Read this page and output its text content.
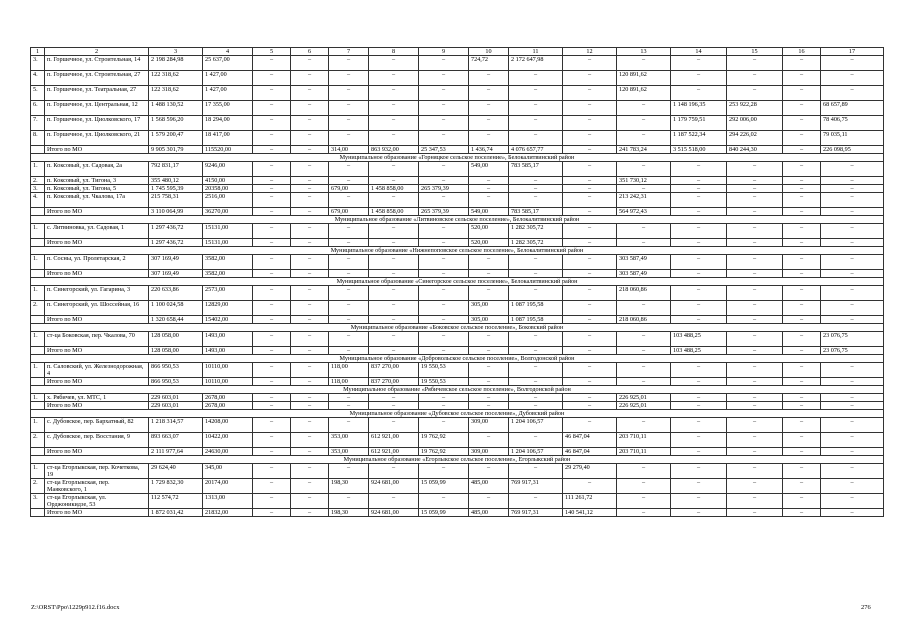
1	2	3	4	5	6	7	8	9	10	11	12	13	14	15	16	17
3.	п. Горшечное, ул. Строительная, 14	2 198 284,98	25 637,00	–	–	–	–	–	724,72	2 172 647,98	–	–	–	–	–	–
4.	п. Горшечное, ул. Строительная, 27	122 318,62	1 427,00	–	–	–	–	–	–	–	–	120 891,62	–	–	–	–
5.	п. Горшечное, ул. Театральная, 27	122 318,62	1 427,00	–	–	–	–	–	–	–	–	120 891,62	–	–	–	–
6.	п. Горшечное, ул. Центральная, 12	1 488 130,52	17 355,00	–	–	–	–	–	–	–	–	–	1 148 196,35	253 922,28	–	68 657,89
7.	п. Горшечное, ул. Циолковского, 17	1 568 596,20	18 294,00	–	–	–	–	–	–	–	–	–	1 179 759,51	292 006,00	–	78 406,75
8.	п. Горшечное, ул. Циолковского, 21	1 579 200,47	18 417,00	–	–	–	–	–	–	–	–	–	1 187 522,34	294 226,02	–	79 035,11
	Итого по МО	9 905 301,79	115520,00	–	–	314,00	863 932,00	25 347,53	1 436,74	4 076 657,77	–	241 783,24	3 515 518,00	840 244,30	–	226 098,95
Муниципальное образование «Горняцкое сельское поселение», Белокалитвинский район																
1.	п. Коксовый, ул. Садовая, 2а	792 831,17	9246,00	–	–	–	–	–	549,00	783 585,17	–	–	–	–	–	–
2.	п. Коксовый, ул. Тигона, 3	355 480,12	4150,00	–	–	–	–	–	–	–	–	351 730,12	–	–	–	–
3.	п. Коксовый, ул. Тигона, 5	1 745 595,39	20358,00	–	–	679,00	1 458 858,00	265 379,39	–	–	–	–	–	–	–	–
4.	п. Коксовый, ул. Чкалова, 17а	215 758,31	2516,00	–	–	–	–	–	–	–	–	213 242,31	–	–	–	–
	Итого по МО	3 110 064,99	36270,00	–	–	679,00	1 458 858,00	265 379,39	549,00	783 585,17	–	564 972,43	–	–	–	–
Муниципальное образование «Литвиновское сельское поселение», Белокалитвинский район																
1.	с. Литвиновка, ул. Садовая, 1	1 297 436,72	15131,00	–	–	–	–	–	520,00	1 282 305,72	–	–	–	–	–	–
	Итого по МО	1 297 436,72	15131,00	–	–	–	–	–	520,00	1 282 305,72	–	–	–	–	–	–
Муниципальное образование «Нижнепоповское сельское поселение», Белокалитвинский район																
1.	п. Сосны, ул. Пролетарская, 2	307 169,49	3582,00	–	–	–	–	–	–	–	–	303 587,49	–	–	–	–
	Итого по МО	307 169,49	3582,00	–	–	–	–	–	–	–	–	303 587,49	–	–	–	–
Муниципальное образование «Синегорское сельское поселение», Белокалитвинский район																
1.	п. Синегорский, ул. Гагарина, 3	220 633,86	2573,00	–	–	–	–	–	–	–	–	218 060,86	–	–	–	–
2.	п. Синегорский, ул. Шоссейная, 16	1 100 024,58	12829,00	–	–	–	–	–	305,00	1 087 195,58	–	–	–	–	–	–
	Итого по МО	1 320 658,44	15402,00	–	–	–	–	–	305,00	1 087 195,58	–	218 060,86	–	–	–	–
Муниципальное образование «Боковское сельское поселение», Боковский район																
1.	ст-ца Боковская, пер. Чкалова, 70	128 058,00	1493,00	–	–	–	–	–	–	–	–	–	103 488,25	–	–	23 076,75
	Итого по МО	128 058,00	1493,00	–	–	–	–	–	–	–	–	–	103 488,25	–	–	23 076,75
Муниципальное образование «Добровольское сельское поселение», Волгодонской район																
1.	п. Саловский, ул. Железнодорожная, 4	866 950,53	10110,00	–	–	118,00	837 270,00	19 550,53	–	–	–	–	–	–	–	–
	Итого по МО	866 950,53	10110,00	–	–	118,00	837 270,00	19 550,53	–	–	–	–	–	–	–	–
Муниципальное образование «Рябичевское сельское поселение», Волгодонской район																
1.	х. Рябичев, ул. МТС, 1	229 603,01	2678,00	–	–	–	–	–	–	–	–	226 925,01	–	–	–	–
	Итого по МО	229 603,01	2678,00	–	–	–	–	–	–	–	–	226 925,01	–	–	–	–
Муниципальное образование «Дубовское сельское поселение», Дубовский район																
1.	с. Дубовское, пер. Бархатный, 82	1 218 314,57	14208,00	–	–	–	–	–	309,00	1 204 106,57	–	–	–	–	–	–
2.	с. Дубовское, пер. Восстания, 9	893 663,07	10422,00	–	–	353,00	612 921,00	19 762,92	–	–	46 847,04	203 710,11	–	–	–	–
	Итого по МО	2 111 977,64	24630,00	–	–	353,00	612 921,00	19 762,92	309,00	1 204 106,57	46 847,04	203 710,11	–	–	–	–
Муниципальное образование «Егорлыкское сельское поселение», Егорлыкский район																
1.	ст-ца Егорлыкская, пер. Кочеткова, 19	29 624,40	345,00	–	–	–	–	–	–	–	29 279,40	–	–	–	–	–
2.	ст-ца Егорлыкская, пер. Маяковского, 1	1 729 832,30	20174,00	–	–	198,30	924 681,00	15 059,99	485,00	769 917,31	–	–	–	–	–	–
3.	ст-ца Егорлыкская, ул. Орджоникидзе, 53	112 574,72	1313,00	–	–	–	–	–	–	–	111 261,72	–	–	–	–	–
	Итого по МО	1 872 031,42	21832,00	–	–	198,30	924 681,00	15 059,99	485,00	769 917,31	140 541,12	–	–	–	–	–
Z:\ORST\Ppo\1229p912.f16.docx	276
